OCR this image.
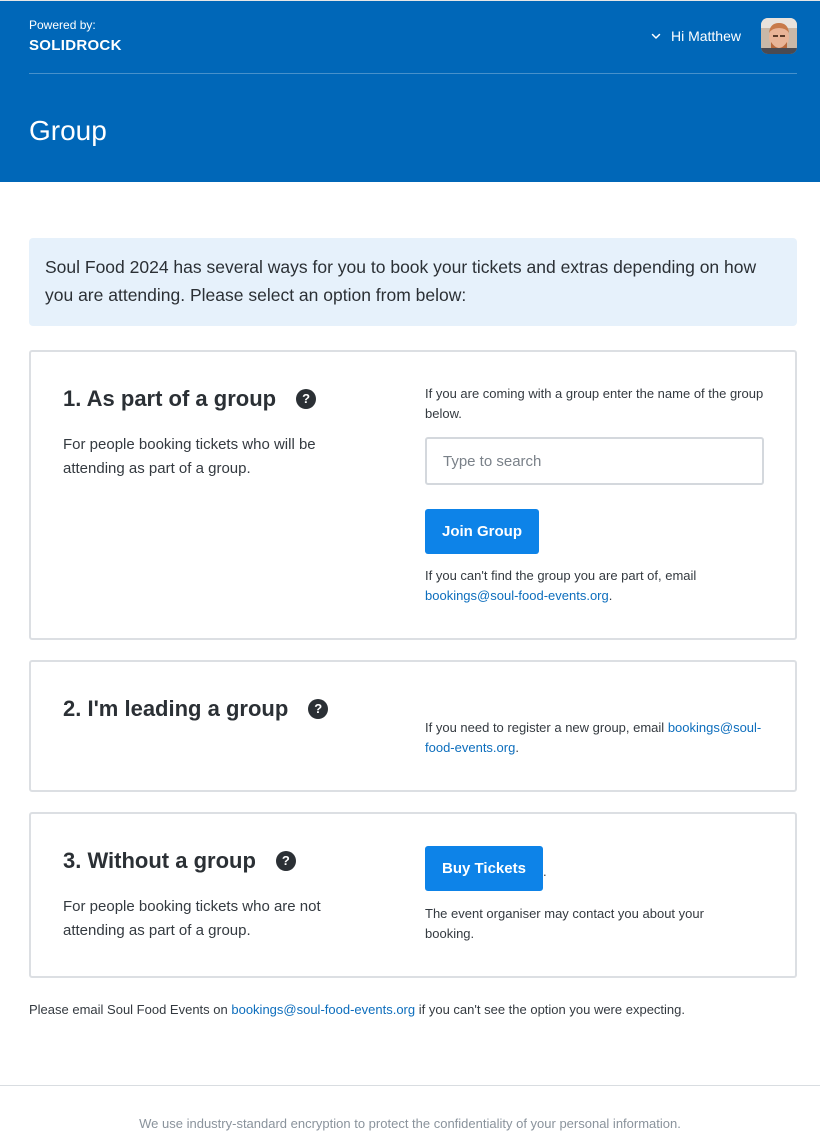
Powered by:
SOLIDROCK
Hi Matthew
Group
Soul Food 2024 has several ways for you to book your tickets and extras depending on how you are attending. Please select an option from below:
1. As part of a group	?
For people booking tickets who will be attending as part of a group.
If you are coming with a group enter the name of the group below.
Type to search
Join Group
If you can't find the group you are part of, email bookings@soul-food-events.org.
2. I'm leading a group	?
If you need to register a new group, email bookings@soul-food-events.org.
3. Without a group	?
For people booking tickets who are not attending as part of a group.
Buy Tickets	.
The event organiser may contact you about your booking.
Please email Soul Food Events on bookings@soul-food-events.org if you can't see the option you were expecting.
We use industry-standard encryption to protect the confidentiality of your personal information.
